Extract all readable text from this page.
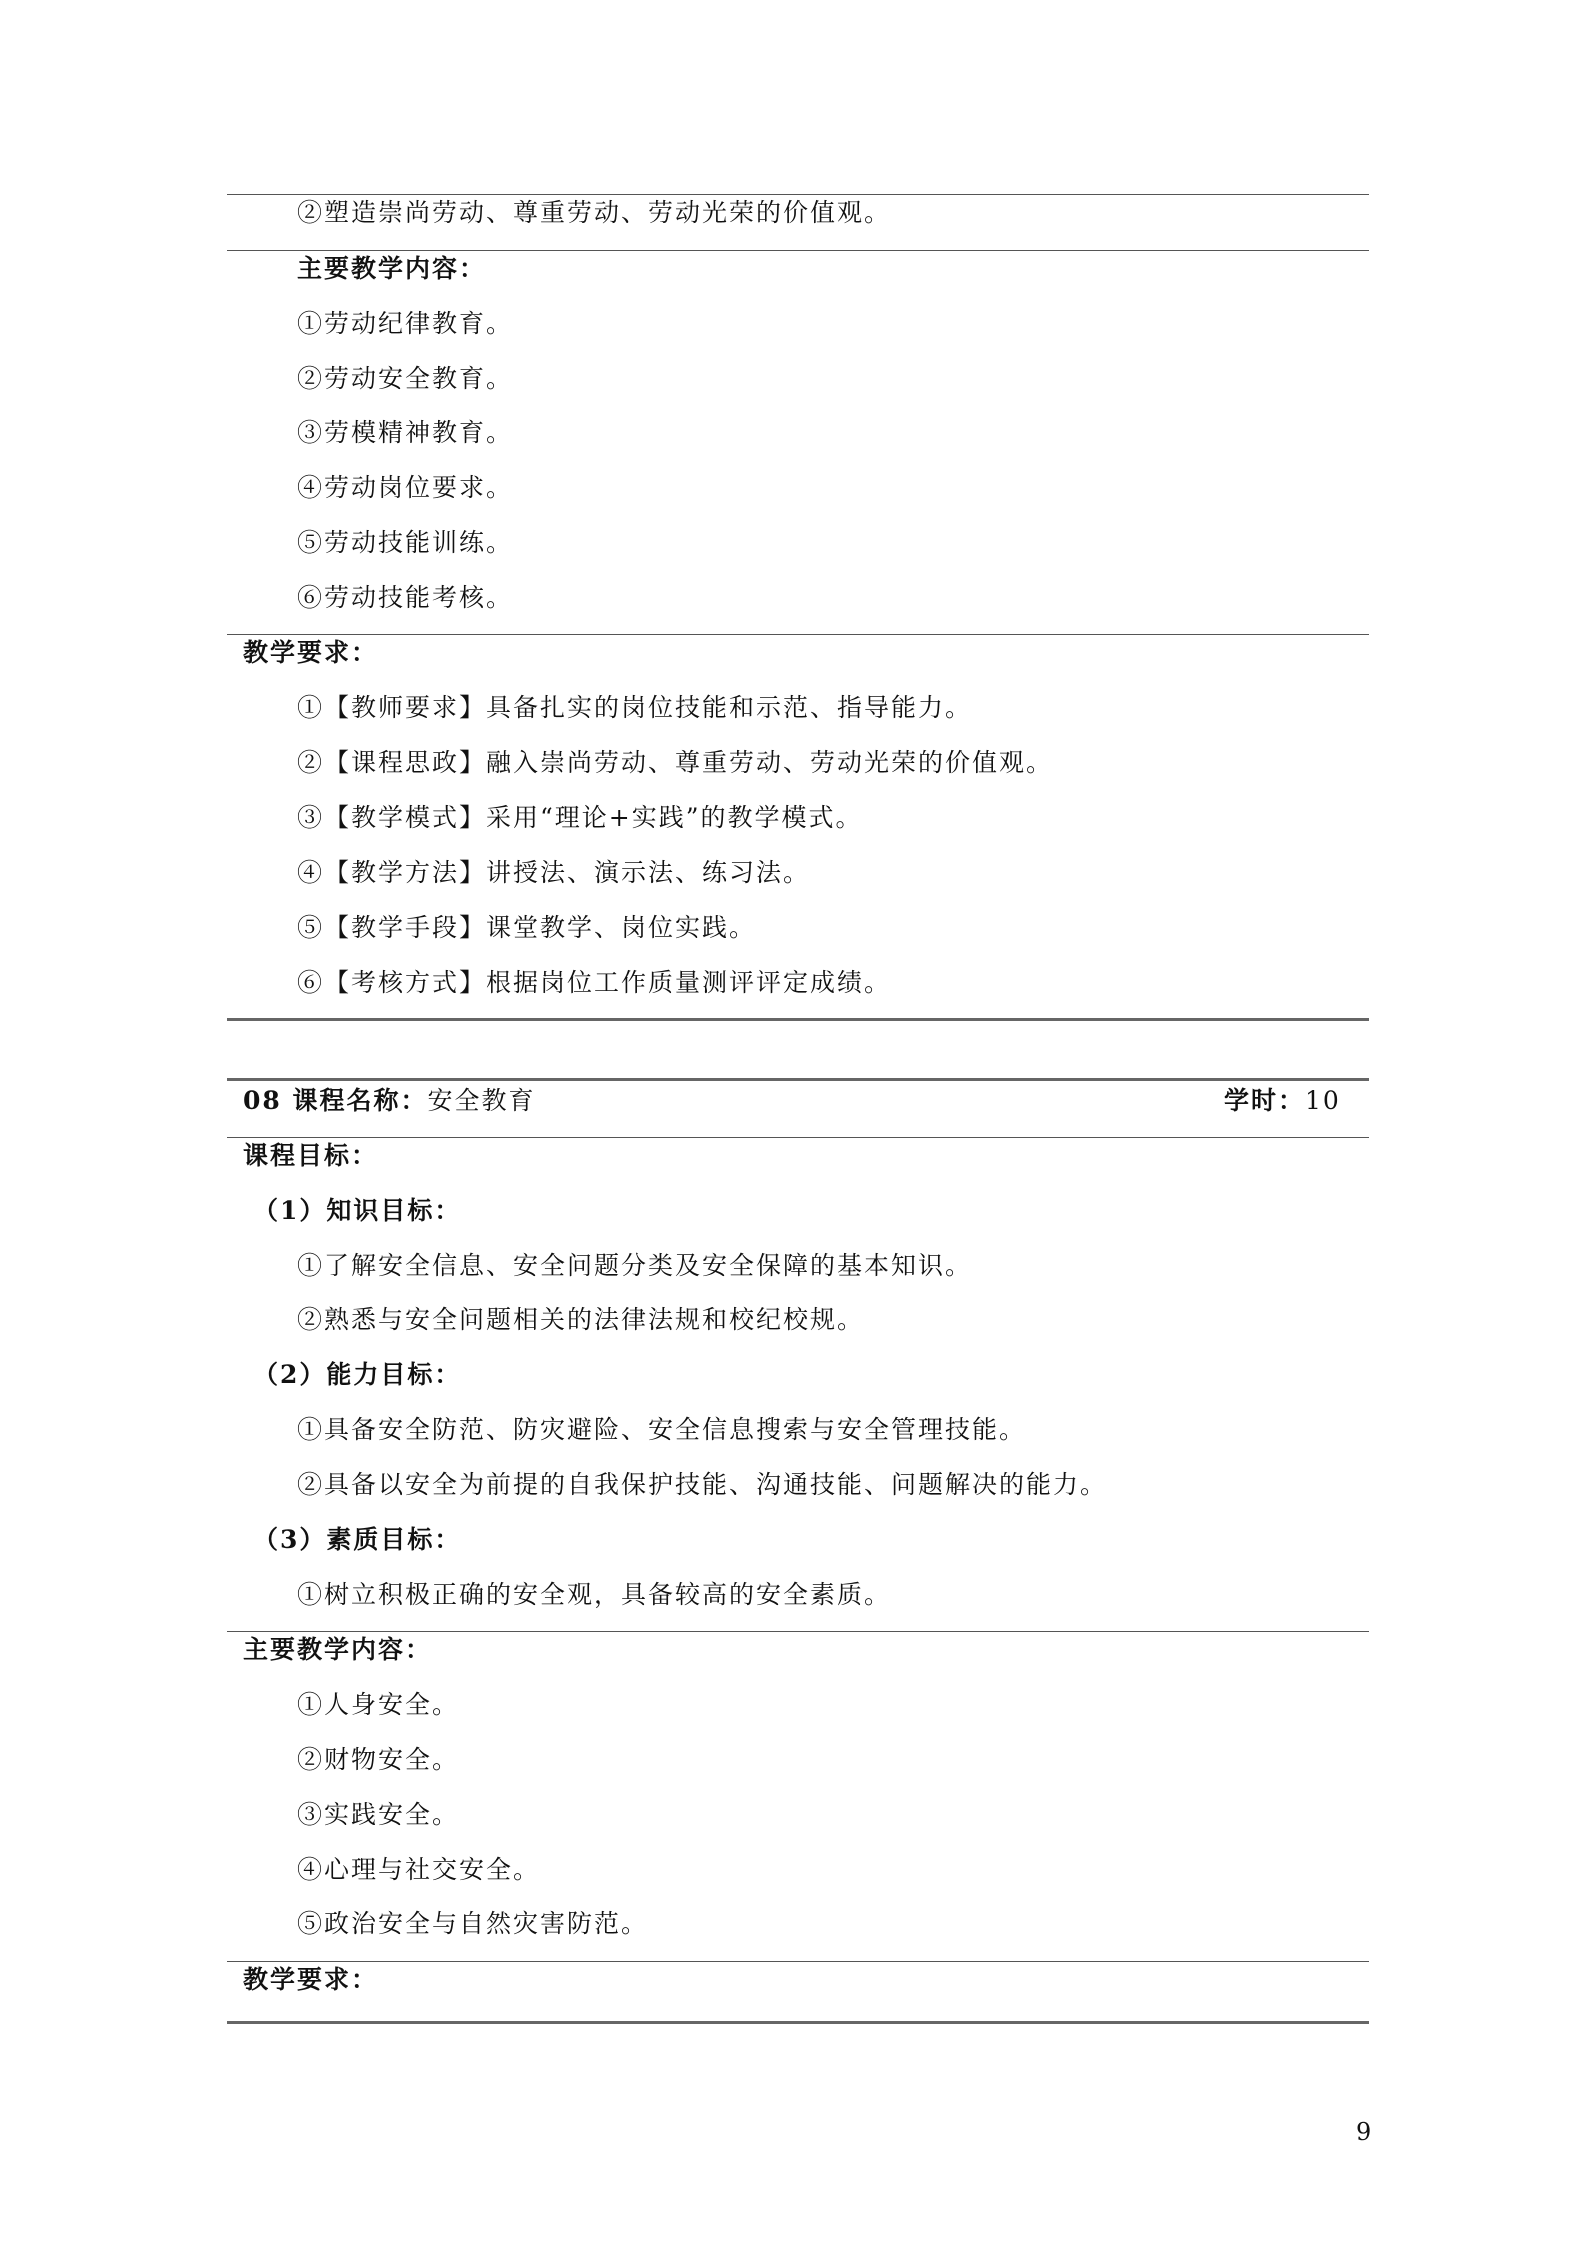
②塑造崇尚劳动、尊重劳动、劳动光荣的价值观。
主要教学内容：
①劳动纪律教育。
②劳动安全教育。
③劳模精神教育。
④劳动岗位要求。
⑤劳动技能训练。
⑥劳动技能考核。
教学要求：
①【教师要求】具备扎实的岗位技能和示范、指导能力。
②【课程思政】融入崇尚劳动、尊重劳动、劳动光荣的价值观。
③【教学模式】采用“理论+实践”的教学模式。
④【教学方法】讲授法、演示法、练习法。
⑤【教学手段】课堂教学、岗位实践。
⑥【考核方式】根据岗位工作质量测评评定成绩。
08 课程名称：安全教育	学时：10
课程目标：
（1）知识目标：
①了解安全信息、安全问题分类及安全保障的基本知识。
②熟悉与安全问题相关的法律法规和校纪校规。
（2）能力目标：
①具备安全防范、防灾避险、安全信息搜索与安全管理技能。
②具备以安全为前提的自我保护技能、沟通技能、问题解决的能力。
（3）素质目标：
①树立积极正确的安全观，具备较高的安全素质。
主要教学内容：
①人身安全。
②财物安全。
③实践安全。
④心理与社交安全。
⑤政治安全与自然灾害防范。
教学要求：
9
